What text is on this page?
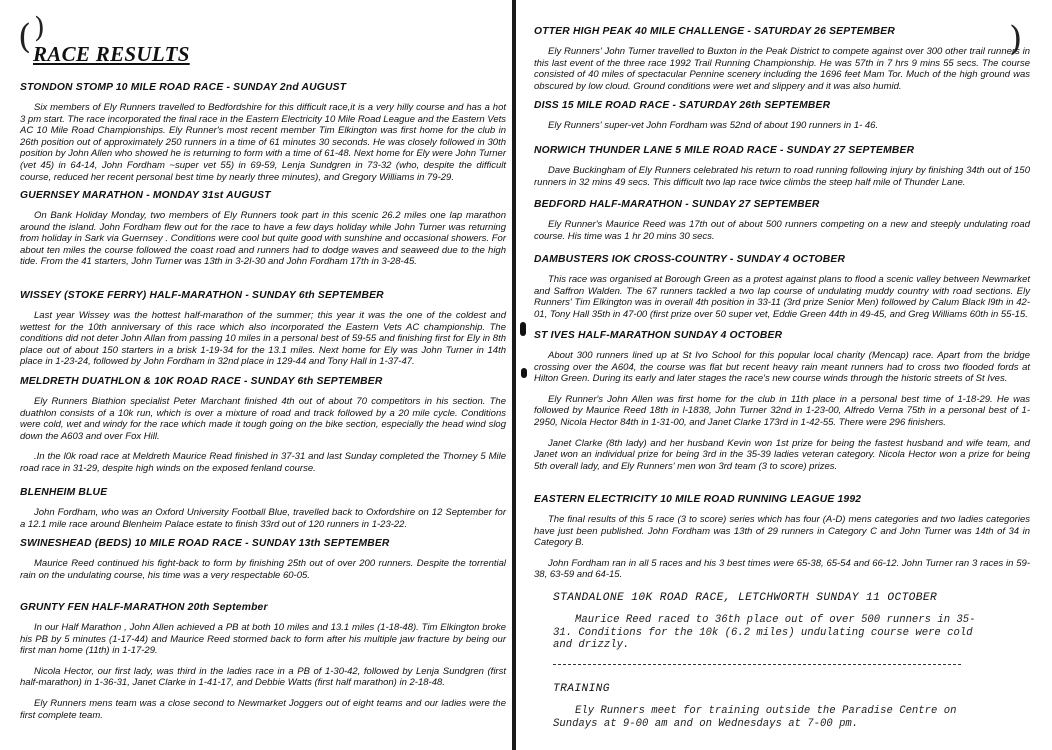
( )
RACE RESULTS
STONDON STOMP 10 MILE ROAD RACE - SUNDAY 2nd AUGUST

Six members of Ely Runners travelled to Bedfordshire for this difficult race,it is a very hilly course and has a hot 3 pm start. The race incorporated the final race in the Eastern Electricity 10 Mile Road League and the Eastern Vets AC 10 Mile Road Championships. Ely Runner's most recent member Tim Elkington was first home for the club in 26th position out of approximately 250 runners in a time of 61 minutes 30 seconds. He was closely followed in 30th position by John Allen who showed he is returning to form with a time of 61-48. Next home for Ely were John Turner (vet 45) in 64-14, John Fordham ~super vet 55) in 69-59, Lenja Sundgren in 73-32 (who, despite the difficult course, reduced her recent personal best time by nearly three minutes), and Gregory Williams in 79-29.

GUERNSEY MARATHON - MONDAY 31st AUGUST

On Bank Holiday Monday, two members of Ely Runners took part in this scenic 26.2 miles one lap marathon around the island. John Fordham flew out for the race to have a few days holiday while John Turner was returning from holiday in Sark via Guernsey . Conditions were cool but quite good with sunshine and occasional showers. For about ten miles the course followed the coast road and runners had to dodge waves and seaweed due to the high tide. From the 41 starters, John Turner was 13th in 3-2I-30 and John Fordham 17th in 3-28-45.

WISSEY (STOKE FERRY) HALF-MARATHON - SUNDAY 6th SEPTEMBER

Last year Wissey was the hottest half-marathon of the summer; this year it was the one of the coldest and wettest for the 10th anniversary of this race which also incorporated the Eastern Vets AC championship. The conditions did not deter John Allan from passing 10 miles in a personal best of 59-55 and finishing first for Ely in 8th place out of about 150 starters in a brisk 1-19-34 for the 13.1 miles. Next home for Ely was John Turner in 14th place in 1-23-24, followed by John Fordham in 32nd place in 129-44 and Tony Hall in 1-37-47.

MELDRETH DUATHLON & 10K ROAD RACE - SUNDAY 6th SEPTEMBER

Ely Runners Biathion specialist Peter Marchant finished 4th out of about 70 competitors in his section. The duathlon consists of a 10k run, which is over a mixture of road and track followed by a 20 mile cycle. Conditions were cold, wet and windy for the race which made it tough going on the bike section, especially the head wind slog down the A603 and over Fox Hill.

.In the l0k road race at Meldreth Maurice Read finished in 37-31 and last Sunday completed the Thorney 5 Mile road race in 31-29, despite high winds on the exposed fenland course.

BLENHEIM BLUE

John Fordham, who was an Oxford University Football Blue, travelled back to Oxfordshire on 12 September for a 12.1 mile race around Blenheim Palace estate to finish 33rd out of 120 runners in 1-23-22.

SWINESHEAD (BEDS) 10 MILE ROAD RACE - SUNDAY 13th SEPTEMBER

Maurice Reed continued his fight-back to form by finishing 25th out of over 200 runners. Despite the torrential rain on the undulating course, his time was a very respectable 60-05.

GRUNTY FEN HALF-MARATHON 20th September

In our Half Marathon , John Allen achieved a PB at both 10 miles and 13.1 miles (1-18-48). Tim Elkington broke his PB by 5 minutes (1-17-44) and Maurice Reed stormed back to form after his multiple jaw fracture by being our first man home (11th) in 1-17-29.

Nicola Hector, our first lady, was third in the ladies race in a PB of 1-30-42, followed by Lenja Sundgren (first half-marathon) in 1-36-31, Janet Clarke in 1-41-17, and Debbie Watts (first half marathon) in 2-18-48.

Ely Runners mens team was a close second to Newmarket Joggers out of eight teams and our ladies were the first complete team.

)
OTTER HIGH PEAK 40 MILE CHALLENGE - SATURDAY 26 SEPTEMBER

Ely Runners' John Turner travelled to Buxton in the Peak District to compete against over 300 other trail runners in this last event of the three race 1992 Trail Running Championship. He was 57th in 7 hrs 9 mins 55 secs. The course consisted of 40 miles of spectacular Pennine scenery including the 1696 feet Mam Tor. Much of the high ground was obscured by low cloud. Ground conditions were wet and slippery and it was also humid.

DISS 15 MILE ROAD RACE - SATURDAY 26th SEPTEMBER

Ely Runners' super-vet John Fordham was 52nd of about 190 runners in 1- 46.

NORWICH THUNDER LANE 5 MILE ROAD RACE - SUNDAY 27 SEPTEMBER

Dave Buckingham of Ely Runners celebrated his return to road running following injury by finishing 34th out of 150 runners in 32 mins 49 secs. This difficult two lap race twice climbs the steep half mile of Thunder Lane.

BEDFORD HALF-MARATHON - SUNDAY 27 SEPTEMBER

Ely Runner's Maurice Reed was 17th out of about 500 runners competing on a new and steeply undulating road course. His time was 1 hr 20 mins 30 secs.

DAMBUSTERS IOK CROSS-COUNTRY - SUNDAY 4 OCTOBER

This race was organised at Borough Green as a protest against plans to flood a scenic valley between Newmarket and Saffron Walden. The 67 runners tackled a two lap course of undulating muddy country with road sections. Ely Runners' Tim Elkington was in overall 4th position in 33-11 (3rd prize Senior Men) followed by Calum Black l9th in 42-01, Tony Hall 35th in 47-00 (first prize over 50 super vet, Eddie Green 44th in 49-45, and Greg Williams 60th in 55-15.

ST IVES HALF-MARATHON SUNDAY 4 OCTOBER

About 300 runners lined up at St Ivo School for this popular local charity (Mencap) race. Apart from the bridge crossing over the A604, the course was flat but recent heavy rain meant runners had to cross two flooded fords at Hilton Green. During its early and later stages the race's new course winds through the historic streets of St Ives.

Ely Runner's John Allen was first home for the club in 11th place in a personal best time of 1-18-29. He was followed by Maurice Reed 18th in l-1838, John Turner 32nd in 1-23-00, Alfredo Verna 75th in a personal best of 1-2950, Nicola Hector 84th in 1-31-00, and Janet Clarke 173rd in 1-42-55. There were 296 finishers.

Janet Clarke (8th lady) and her husband Kevin won 1st prize for being the fastest husband and wife team, and Janet won an individual prize for being 3rd in the 35-39 ladies veteran category. Nicola Hector won a prize for being 5th overall lady, and Ely Runners' men won 3rd team (3 to score) prizes.

EASTERN ELECTRICITY 10 MILE ROAD RUNNING LEAGUE 1992

The final results of this 5 race (3 to score) series which has four (A-D) mens categories and two ladies categories have just been published. John Fordham was 13th of 29 runners in Category C and John Turner was 14th of 34 in Category B.

John Fordham ran in all 5 races and his 3 best times were 65-38, 65-54 and 66-12. John Turner ran 3 races in 59-38, 63-59 and 64-15.

STANDALONE 10K ROAD RACE, LETCHWORTH SUNDAY 11 OCTOBER

Maurice Reed raced to 36th place out of over 500 runners in 35-31. Conditions for the 10k (6.2 miles) undulating course were cold and drizzly.

TRAINING

Ely Runners meet for training outside the Paradise Centre on Sundays at 9-00 am and on Wednesdays at 7-00 pm.
